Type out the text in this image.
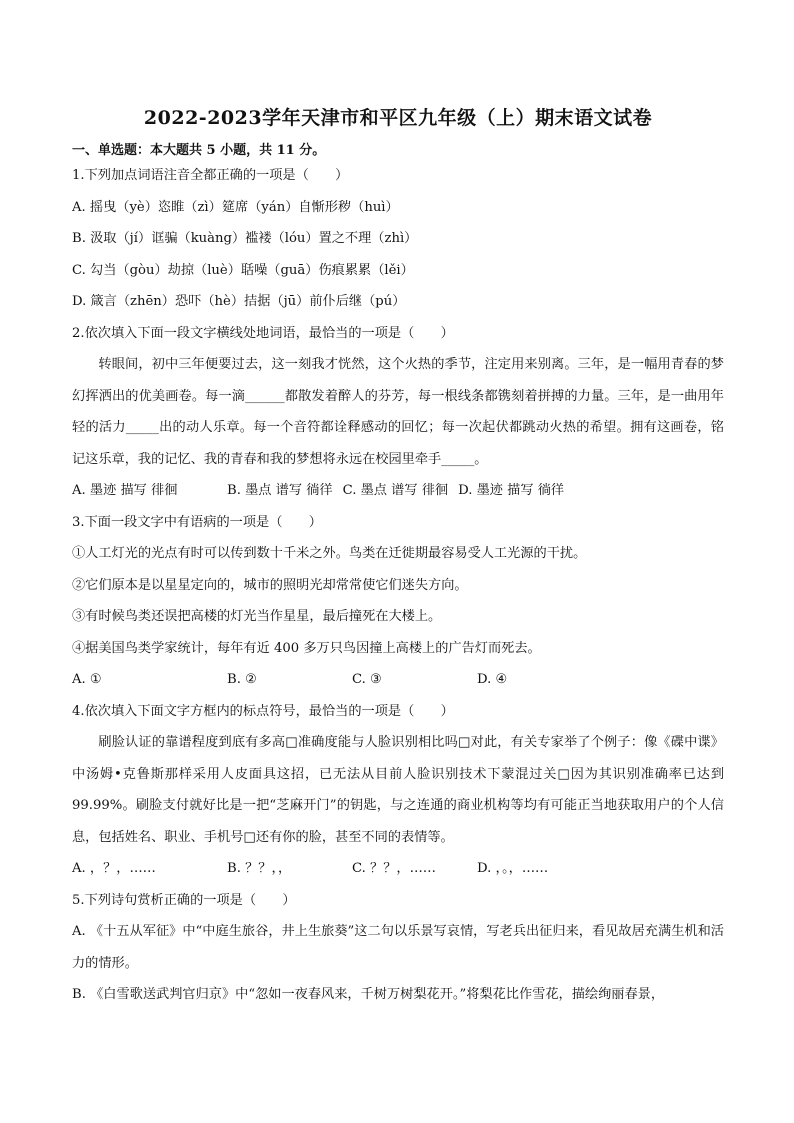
2022-2023学年天津市和平区九年级（上）期末语文试卷
一、单选题：本大题共 5 小题，共 11 分。
1.下列加点词语注音全都正确的一项是（　　）
A. 摇曳（yè）恣睢（zì）筵席（yán）自惭形秽（huì）
B. 汲取（jí）诓骗（kuàng）褴褛（lóu）置之不理（zhì）
C. 勾当（gòu）劫掠（luè）聒噪（guā）伤痕累累（lěi）
D. 箴言（zhēn）恐吓（hè）拮据（jū）前仆后继（pú）
2.依次填入下面一段文字横线处地词语，最恰当的一项是（　　）

转眼间，初中三年便要过去，这一刻我才恍然，这个火热的季节，注定用来别离。三年，是一幅用青春的梦幻挥洒出的优美画卷。每一滴______都散发着醉人的芬芳，每一根线条都镌刻着拼搏的力量。三年，是一曲用年轻的活力_____出的动人乐章。每一个音符都诠释感动的回忆；每一次起伏都跳动火热的希望。拥有这画卷，铭记这乐章，我的记忆、我的青春和我的梦想将永远在校园里牵手_____。

A. 墨迹 描写 徘徊	B. 墨点 谱写 徜徉 C. 墨点 谱写 徘徊 D. 墨迹 描写 徜徉
3.下面一段文字中有语病的一项是（　　）
①人工灯光的光点有时可以传到数十千米之外。鸟类在迁徙期最容易受人工光源的干扰。
②它们原本是以星星定向的，城市的照明光却常常使它们迷失方向。
③有时候鸟类还误把高楼的灯光当作星星，最后撞死在大楼上。
④据美国鸟类学家统计，每年有近 400 多万只鸟因撞上高楼上的广告灯而死去。
A. ①	B. ②	C. ③	D. ④
4.依次填入下面文字方框内的标点符号，最恰当的一项是（　　）

刷脸认证的靠谱程度到底有多高□准确度能与人脸识别相比吗□对此，有关专家举了个例子：像《碟中谍》中汤姆•克鲁斯那样采用人皮面具这招，已无法从目前人脸识别技术下蒙混过关□因为其识别准确率已达到 99.99%。刷脸支付就好比是一把“芝麻开门”的钥匙，与之连通的商业机构等均有可能正当地获取用户的个人信息，包括姓名、职业、手机号□还有你的脸，甚至不同的表情等。

A. ，？，……	B. ？？，，	C. ？？，……	D. ，。，……
5.下列诗句赏析正确的一项是（　　）

A. 《十五从军征》中“中庭生旅谷，井上生旅葵”这二句以乐景写哀情，写老兵出征归来，看见故居充满生机和活力的情形。

B. 《白雪歌送武判官归京》中“忽如一夜春风来，千树万树梨花开。”将梨花比作雪花，描绘绚丽春景，
